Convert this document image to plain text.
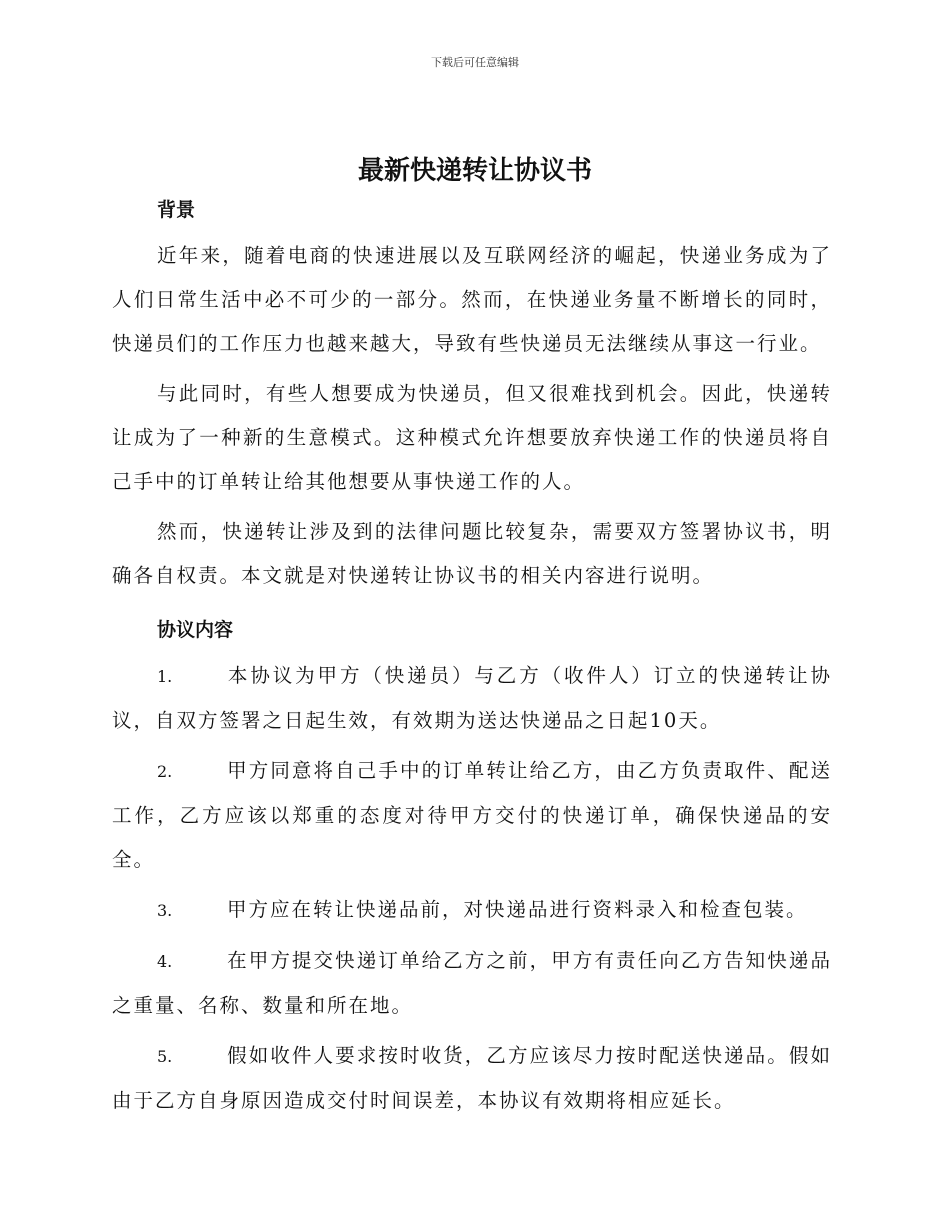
下载后可任意编辑
最新快递转让协议书
背景

近年来，随着电商的快速进展以及互联网经济的崛起，快递业务成为了人们日常生活中必不可少的一部分。然而，在快递业务量不断增长的同时，快递员们的工作压力也越来越大，导致有些快递员无法继续从事这一行业。

与此同时，有些人想要成为快递员，但又很难找到机会。因此，快递转让成为了一种新的生意模式。这种模式允许想要放弃快递工作的快递员将自己手中的订单转让给其他想要从事快递工作的人。

然而，快递转让涉及到的法律问题比较复杂，需要双方签署协议书，明确各自权责。本文就是对快递转让协议书的相关内容进行说明。

协议内容

1.	本协议为甲方（快递员）与乙方（收件人）订立的快递转让协议，自双方签署之日起生效，有效期为送达快递品之日起10天。

2.	甲方同意将自己手中的订单转让给乙方，由乙方负责取件、配送工作，乙方应该以郑重的态度对待甲方交付的快递订单，确保快递品的安全。

3.	甲方应在转让快递品前，对快递品进行资料录入和检查包装。

4.	在甲方提交快递订单给乙方之前，甲方有责任向乙方告知快递品之重量、名称、数量和所在地。

5.	假如收件人要求按时收货，乙方应该尽力按时配送快递品。假如由于乙方自身原因造成交付时间误差，本协议有效期将相应延长。
